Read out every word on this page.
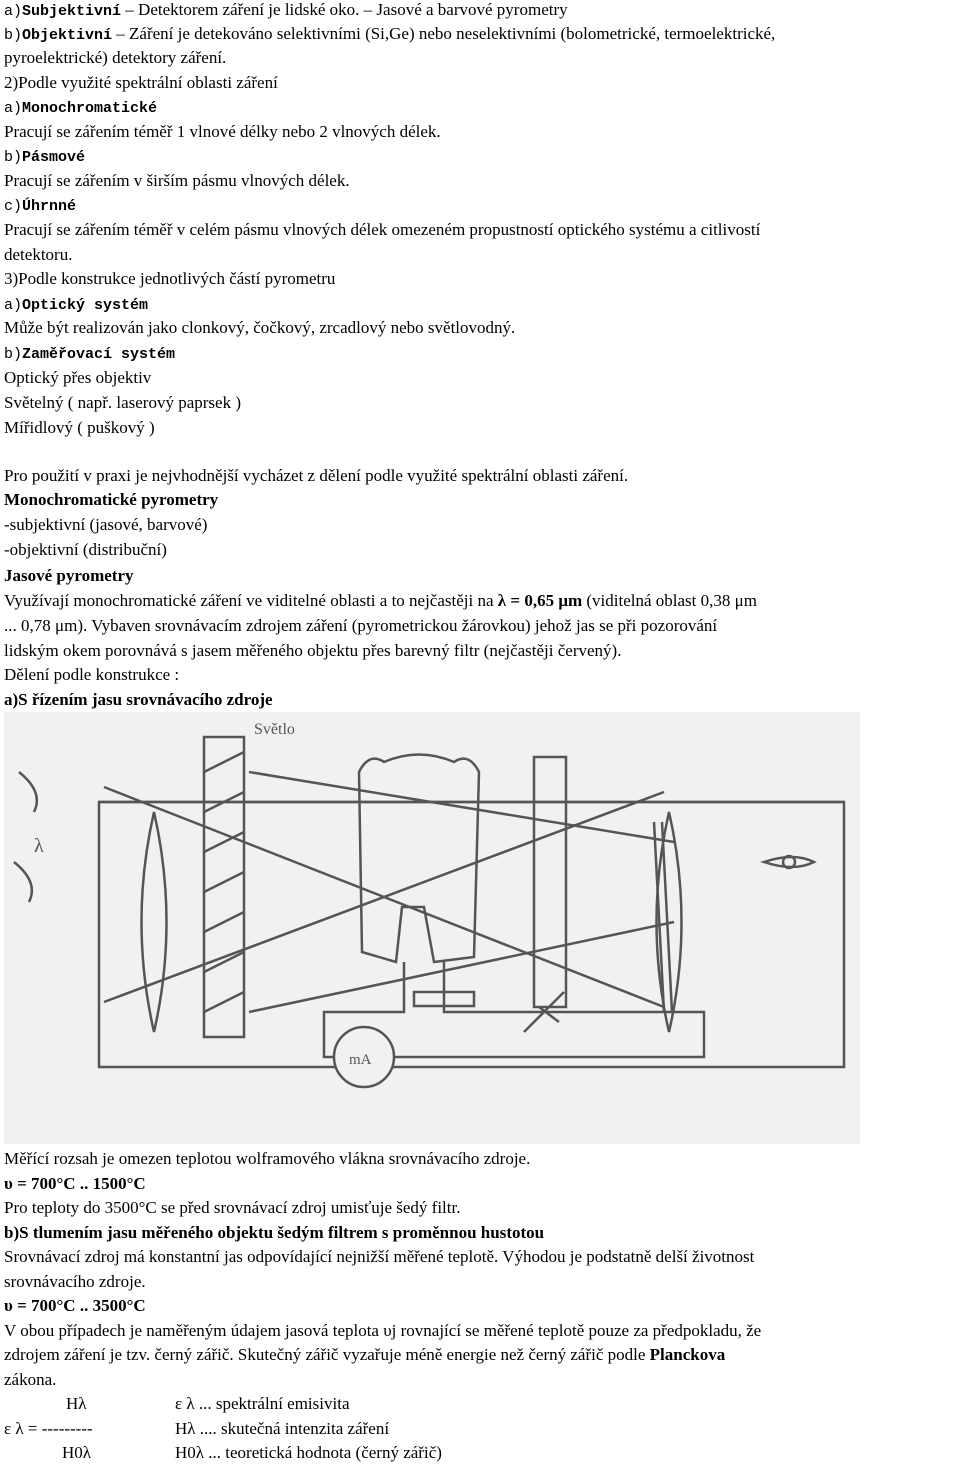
a)Subjektivní – Detektorem záření je lidské oko. – Jasové a barvové pyrometry
b)Objektivní – Záření je detekováno selektivními (Si,Ge) nebo neselektivními (bolometrické, termoelektrické,
pyroelektrické) detektory záření.
2)Podle využité spektrální oblasti záření
a)Monochromatické
Pracují se zářením téměř 1 vlnové délky nebo 2 vlnových délek.
b)Pásmové
Pracují se zářením v širším pásmu vlnových délek.
c)Úhrnné
Pracují se zářením téměř v celém pásmu vlnových délek omezeném propustností optického systému a citlivostí
detektoru.
3)Podle konstrukce jednotlivých částí pyrometru
a)Optický systém
Může být realizován jako clonkový, čočkový, zrcadlový nebo světlovodný.
b)Zaměřovací systém
Optický přes objektiv
Světelný ( např. laserový paprsek )
Mířidlový ( puškový )
Pro použití v praxi je nejvhodnější vycházet z dělení podle využité spektrální oblasti záření.
Monochromatické pyrometry
-subjektivní (jasové, barvové)
-objektivní (distribuční)
Jasové pyrometry
Využívají monochromatické záření ve viditelné oblasti a to nejčastěji na λ = 0,65 μm (viditelná oblast 0,38 μm
... 0,78 μm). Vybaven srovnávacím zdrojem záření (pyrometrickou žárovkou) jehož jas se při pozorování
lidským okem porovnává s jasem měřeného objektu přes barevný filtr (nejčastěji červený).
Dělení podle konstrukce :
a)S řízením jasu srovnávacího zdroje
Světlo
mA
λ
Měřící rozsah je omezen teplotou wolframového vlákna srovnávacího zdroje.
υ = 700°C .. 1500°C
Pro teploty do 3500°C se před srovnávací zdroj umisťuje šedý filtr.
b)S tlumením jasu měřeného objektu šedým filtrem s proměnnou hustotou
Srovnávací zdroj má konstantní jas odpovídající nejnižší měřené teplotě. Výhodou je podstatně delší životnost
srovnávacího zdroje.
υ = 700°C .. 3500°C
V obou případech je naměřeným údajem jasová teplota υj rovnající se měřené teplotě pouze za předpokladu, že
zdrojem záření je tzv. černý zářič. Skutečný zářič vyzařuje méně energie než černý zářič podle Planckova
zákona.
Hλ	ε λ ... spektrální emisivita
ε λ = ---------	Hλ .... skutečná intenzita záření
H0λ	H0λ ... teoretická hodnota (černý zářič)
